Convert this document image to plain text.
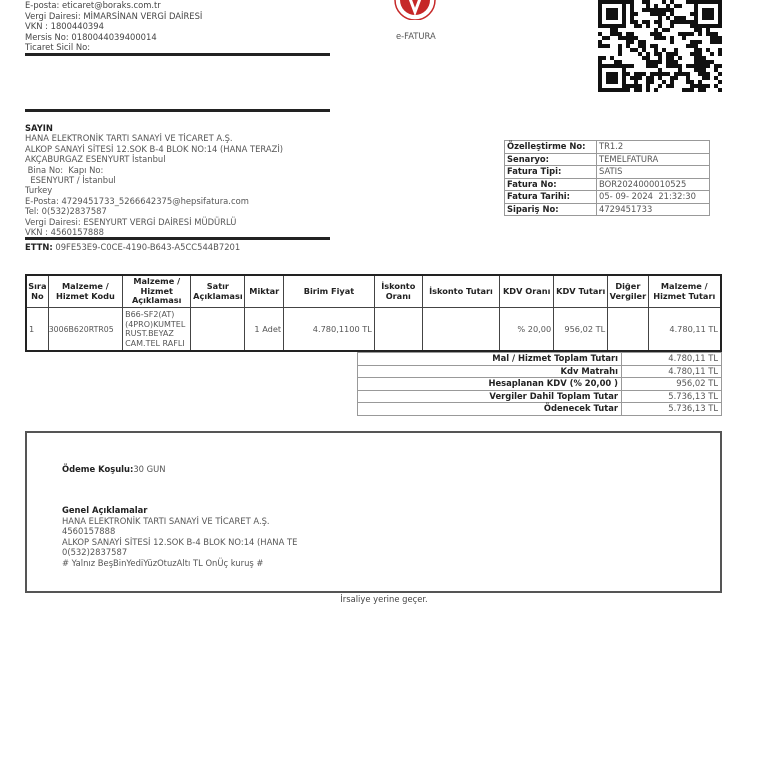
E-posta: eticaret@boraks.com.tr
Vergi Dairesi: MİMARSİNAN VERGİ DAİRESİ
VKN : 1800440394
Mersis No: 0180044039400014
Ticaret Sicil No:
e-FATURA
SAYIN
HANA ELEKTRONİK TARTI SANAYİ VE TİCARET A.Ş.
ALKOP SANAYİ SİTESİ 12.SOK B-4 BLOK NO:14 (HANA TERAZİ)
AKÇABURGAZ ESENYURT İstanbul
Bina No:  Kapı No:
ESENYURT / İstanbul
Turkey
E-Posta: 4729451733_5266642375@hepsifatura.com
Tel: 0(532)2837587
Vergi Dairesi: ESENYURT VERGİ DAİRESİ MÜDÜRLÜ
VKN : 4560157888
ETTN: 09FE53E9-C0CE-4190-B643-A5CC544B7201
Özelleştirme No:	TR1.2
Senaryo:	TEMELFATURA
Fatura Tipi:	SATIS
Fatura No:	BOR2024000010525
Fatura Tarihi:	05- 09- 2024  21:32:30
Sipariş No:	4729451733
Sıra No	Malzeme / Hizmet Kodu	Malzeme / Hizmet Açıklaması	Satır Açıklaması	Miktar	Birim Fiyat	İskonto Oranı	İskonto Tutarı	KDV Oranı	KDV Tutarı	Diğer Vergiler	Malzeme / Hizmet Tutarı
1	3006B620RTR05	B66-SF2(AT)(4PRO)KUMTEL RUST.BEYAZ CAM.TEL RAFLI		1 Adet	4.780,1100 TL			% 20,00	956,02 TL		4.780,11 TL
Mal / Hizmet Toplam Tutarı	4.780,11 TL
Kdv Matrahı	4.780,11 TL
Hesaplanan KDV (% 20,00 )	956,02 TL
Vergiler Dahil Toplam Tutar	5.736,13 TL
Ödenecek Tutar	5.736,13 TL
Ödeme Koşulu:30 GUN
Genel Açıklamalar
HANA ELEKTRONİK TARTI SANAYİ VE TİCARET A.Ş.
4560157888
ALKOP SANAYİ SİTESİ 12.SOK B-4 BLOK NO:14 (HANA TE
0(532)2837587
# Yalnız BeşBinYediYüzOtuzAltı TL OnÜç kuruş #
İrsaliye yerine geçer.
